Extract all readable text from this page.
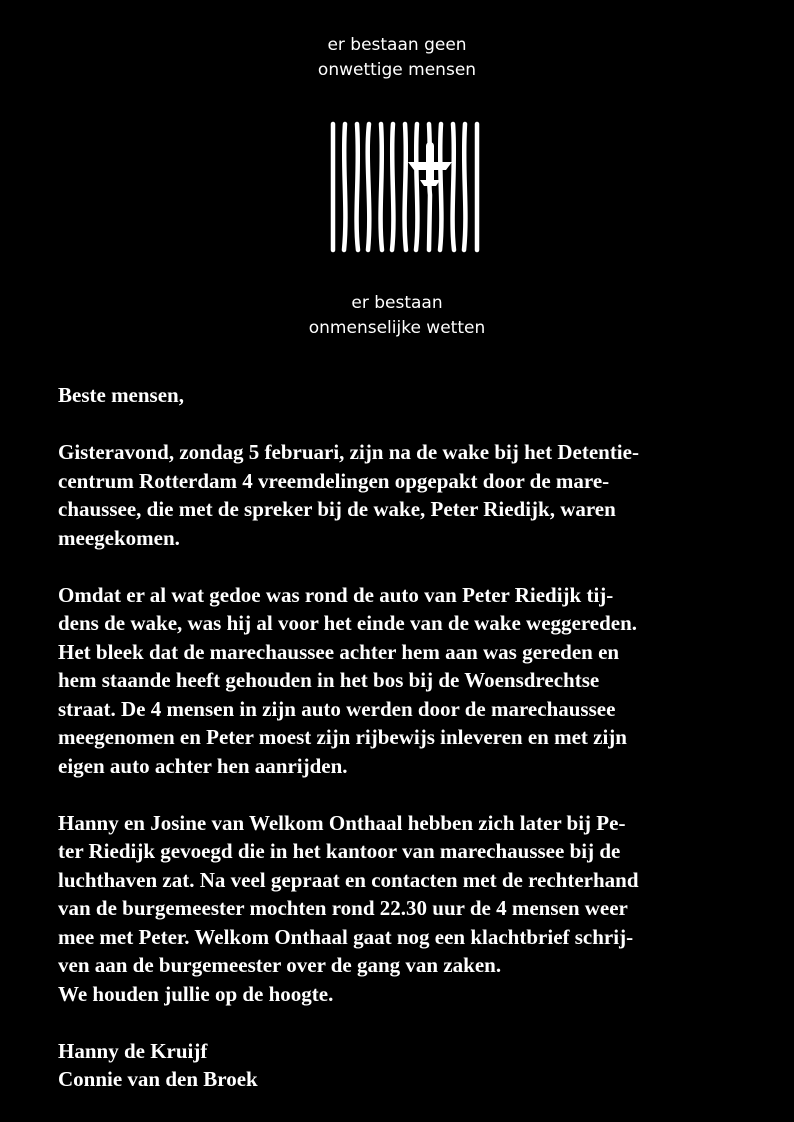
er bestaan geen
onwettige mensen
er bestaan
onmenselijke wetten

Beste mensen,

Gisteravond, zondag 5 februari, zijn na de wake bij het Detentie-
centrum Rotterdam 4 vreemdelingen opgepakt door de mare-
chaussee, die met de spreker bij de wake, Peter Riedijk, waren
meegekomen.

Omdat er al wat gedoe was rond de auto van Peter Riedijk tij-
dens de wake, was hij al voor het einde van de wake weggereden.
Het bleek dat de marechaussee achter hem aan was gereden en
hem staande heeft gehouden in het bos bij de Woensdrechtse
straat. De 4 mensen in zijn auto werden door de marechaussee
meegenomen en Peter moest zijn rijbewijs inleveren en met zijn
eigen auto achter hen aanrijden.

Hanny en Josine van Welkom Onthaal hebben zich later bij Pe-
ter Riedijk gevoegd die in het kantoor van marechaussee bij de
luchthaven zat. Na veel gepraat en contacten met de rechterhand
van de burgemeester mochten rond 22.30 uur de 4 mensen weer
mee met Peter. Welkom Onthaal gaat nog een klachtbrief schrij-
ven aan de burgemeester over de gang van zaken.
We houden jullie op de hoogte.

Hanny de Kruijf
Connie van den Broek
